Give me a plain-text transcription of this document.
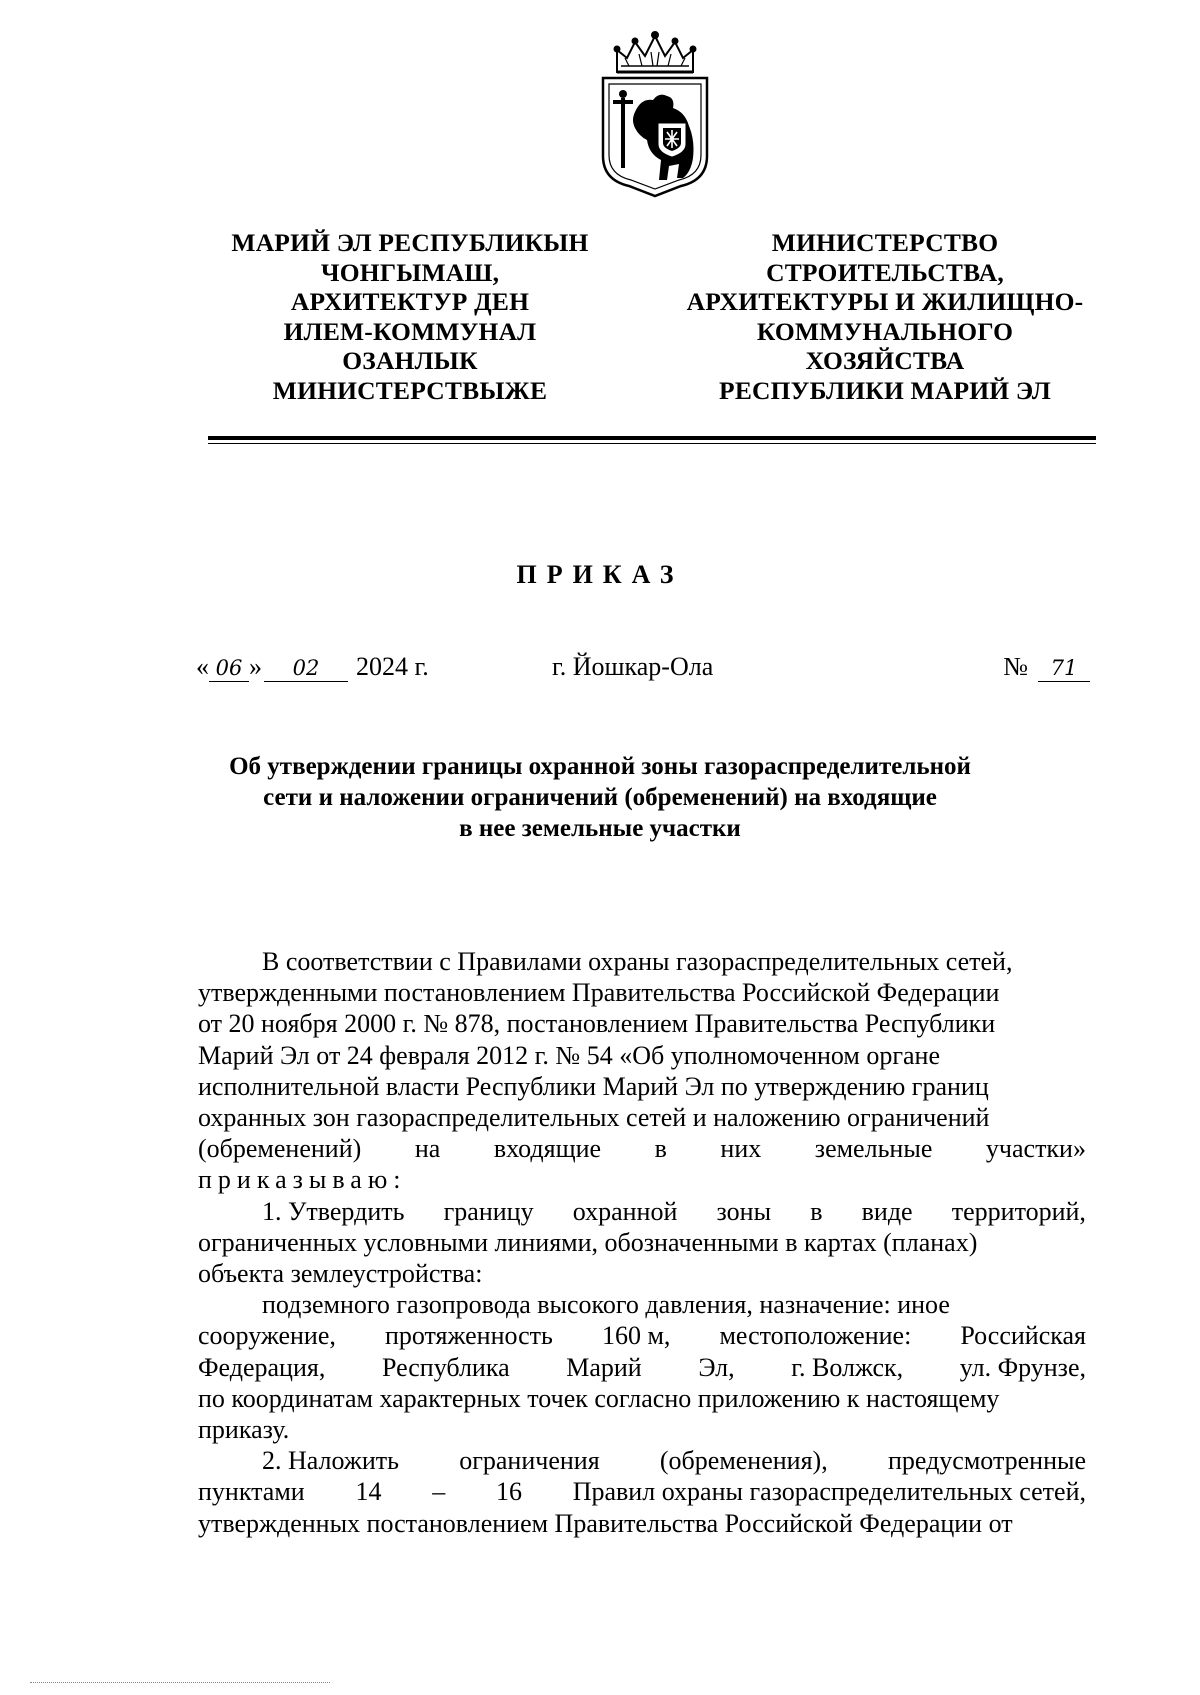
МАРИЙ ЭЛ РЕСПУБЛИКЫН
ЧОНГЫМАШ,
АРХИТЕКТУР ДЕН
ИЛЕМ-КОММУНАЛ
ОЗАНЛЫК
МИНИСТЕРСТВЫЖЕ
МИНИСТЕРСТВО
СТРОИТЕЛЬСТВА,
АРХИТЕКТУРЫ И ЖИЛИЩНО-
КОММУНАЛЬНОГО
ХОЗЯЙСТВА
РЕСПУБЛИКИ МАРИЙ ЭЛ
ПРИКАЗ
« 06 » 02 2024 г.	г. Йошкар-Ола	№ 71
Об утверждении границы охранной зоны газораспределительной
сети и наложении ограничений (обременений) на входящие
в нее земельные участки
В соответствии с Правилами охраны газораспределительных сетей,
утвержденными постановлением Правительства Российской Федерации
от 20 ноября 2000 г. № 878, постановлением Правительства Республики
Марий Эл от 24 февраля 2012 г. № 54 «Об уполномоченном органе
исполнительной власти Республики Марий Эл по утверждению границ
охранных зон газораспределительных сетей и наложению ограничений
(обременений) на входящие в них земельные участки»
приказываю:
1. Утвердить границу охранной зоны в виде территорий,
ограниченных условными линиями, обозначенными в картах (планах)
объекта землеустройства:
подземного газопровода высокого давления, назначение: иное
сооружение, протяженность 160 м, местоположение: Российская
Федерация, Республика Марий Эл, г. Волжск, ул. Фрунзе,
по координатам характерных точек согласно приложению к настоящему
приказу.
2. Наложить ограничения (обременения), предусмотренные
пунктами 14 – 16 Правил охраны газораспределительных сетей,
утвержденных постановлением Правительства Российской Федерации от
